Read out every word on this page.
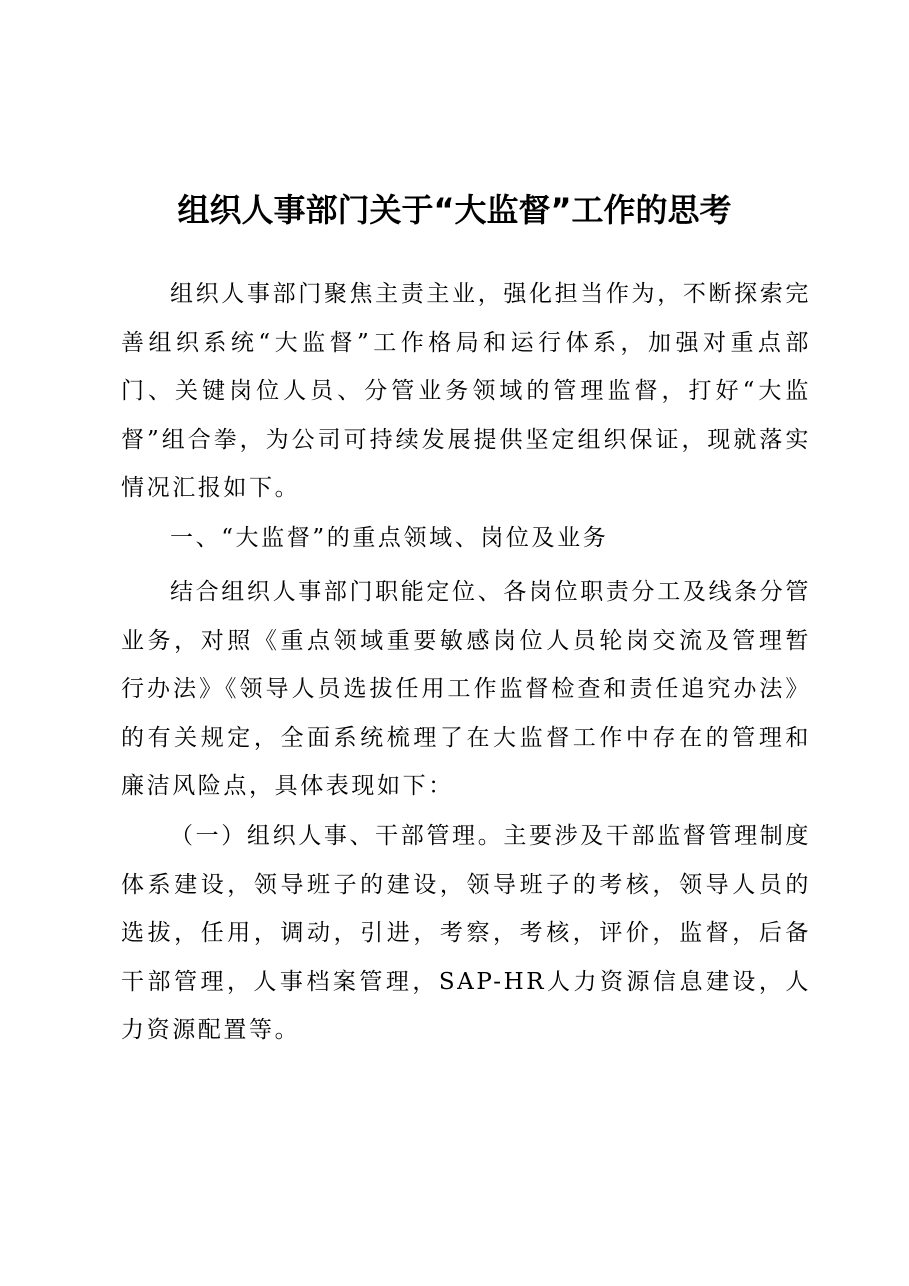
组织人事部门关于“大监督”工作的思考

组织人事部门聚焦主责主业，强化担当作为，不断探索完善组织系统“大监督”工作格局和运行体系，加强对重点部门、关键岗位人员、分管业务领域的管理监督，打好“大监督”组合拳，为公司可持续发展提供坚定组织保证，现就落实情况汇报如下。

一、“大监督”的重点领域、岗位及业务

结合组织人事部门职能定位、各岗位职责分工及线条分管业务，对照《重点领域重要敏感岗位人员轮岗交流及管理暂行办法》《领导人员选拔任用工作监督检查和责任追究办法》的有关规定，全面系统梳理了在大监督工作中存在的管理和廉洁风险点，具体表现如下：

（一）组织人事、干部管理。主要涉及干部监督管理制度体系建设，领导班子的建设，领导班子的考核，领导人员的选拔，任用，调动，引进，考察，考核，评价，监督，后备干部管理，人事档案管理，SAP-HR人力资源信息建设，人力资源配置等。
